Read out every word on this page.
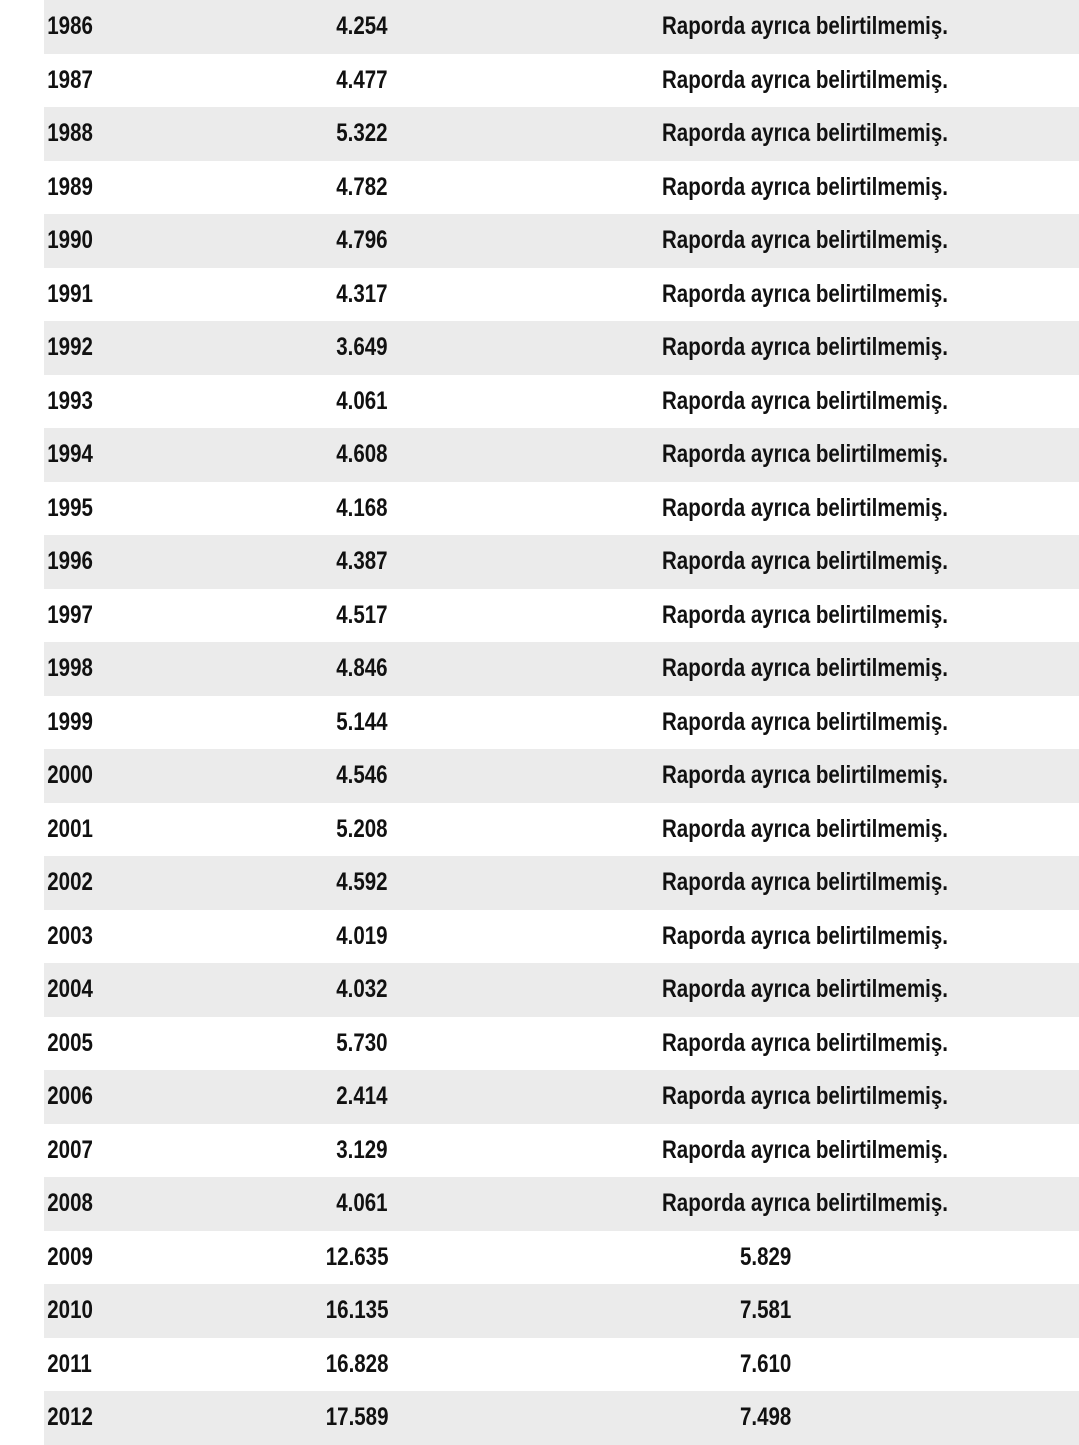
1986	4.254	Raporda ayrıca belirtilmemiş.
1987	4.477	Raporda ayrıca belirtilmemiş.
1988	5.322	Raporda ayrıca belirtilmemiş.
1989	4.782	Raporda ayrıca belirtilmemiş.
1990	4.796	Raporda ayrıca belirtilmemiş.
1991	4.317	Raporda ayrıca belirtilmemiş.
1992	3.649	Raporda ayrıca belirtilmemiş.
1993	4.061	Raporda ayrıca belirtilmemiş.
1994	4.608	Raporda ayrıca belirtilmemiş.
1995	4.168	Raporda ayrıca belirtilmemiş.
1996	4.387	Raporda ayrıca belirtilmemiş.
1997	4.517	Raporda ayrıca belirtilmemiş.
1998	4.846	Raporda ayrıca belirtilmemiş.
1999	5.144	Raporda ayrıca belirtilmemiş.
2000	4.546	Raporda ayrıca belirtilmemiş.
2001	5.208	Raporda ayrıca belirtilmemiş.
2002	4.592	Raporda ayrıca belirtilmemiş.
2003	4.019	Raporda ayrıca belirtilmemiş.
2004	4.032	Raporda ayrıca belirtilmemiş.
2005	5.730	Raporda ayrıca belirtilmemiş.
2006	2.414	Raporda ayrıca belirtilmemiş.
2007	3.129	Raporda ayrıca belirtilmemiş.
2008	4.061	Raporda ayrıca belirtilmemiş.
2009	12.635	5.829
2010	16.135	7.581
2011	16.828	7.610
2012	17.589	7.498
